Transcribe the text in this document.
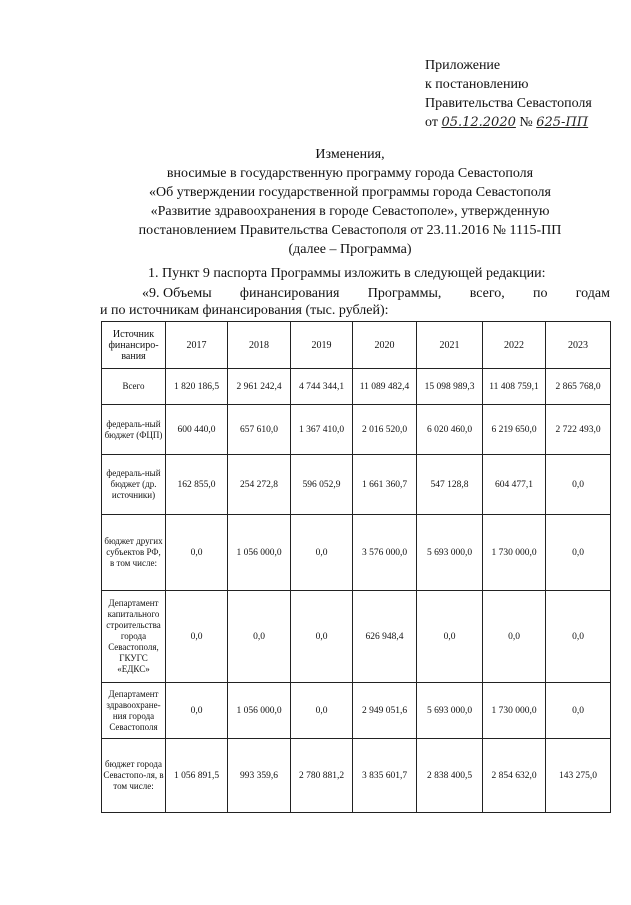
Приложение
к постановлению
Правительства Севастополя
от 05.12.2020 № 625-ПП
Изменения,
вносимые в государственную программу города Севастополя
«Об утверждении государственной программы города Севастополя
«Развитие здравоохранения в городе Севастополе», утвержденную
постановлением Правительства Севастополя от 23.11.2016 № 1115-ПП
(далее – Программа)
1. Пункт 9 паспорта Программы изложить в следующей редакции:
«9. Объемы финансирования Программы, всего, по годам
и по источникам финансирования (тыс. рублей):
Источник финансиро-вания	2017	2018	2019	2020	2021	2022	2023
Всего	1 820 186,5	2 961 242,4	4 744 344,1	11 089 482,4	15 098 989,3	11 408 759,1	2 865 768,0
федераль-ный бюджет (ФЦП)	600 440,0	657 610,0	1 367 410,0	2 016 520,0	6 020 460,0	6 219 650,0	2 722 493,0
федераль-ный бюджет (др. источники)	162 855,0	254 272,8	596 052,9	1 661 360,7	547 128,8	604 477,1	0,0
бюджет других субъектов РФ, в том числе:	0,0	1 056 000,0	0,0	3 576 000,0	5 693 000,0	1 730 000,0	0,0
Департамент капитального строительства города Севастополя, ГКУГС «ЕДКС»	0,0	0,0	0,0	626 948,4	0,0	0,0	0,0
Департамент здравоохране-ния города Севастополя	0,0	1 056 000,0	0,0	2 949 051,6	5 693 000,0	1 730 000,0	0,0
бюджет города Севастопо-ля, в том числе:	1 056 891,5	993 359,6	2 780 881,2	3 835 601,7	2 838 400,5	2 854 632,0	143 275,0
